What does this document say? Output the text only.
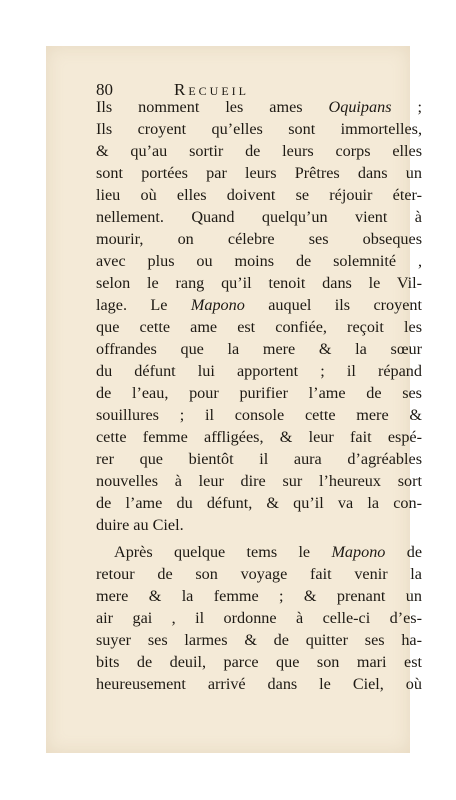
80	Recueil
Ils nomment les ames Oquipans ;
Ils croyent qu’elles sont immortelles,
& qu’au sortir de leurs corps elles
sont portées par leurs Prêtres dans un
lieu où elles doivent se réjouir éter-
nellement. Quand quelqu’un vient à
mourir, on célebre ses obseques
avec plus ou moins de solemnité ,
selon le rang qu’il tenoit dans le Vil-
lage. Le Mapono auquel ils croyent
que cette ame est confiée, reçoit les
offrandes que la mere & la sœur
du défunt lui apportent ; il répand
de l’eau, pour purifier l’ame de ses
souillures ; il console cette mere &
cette femme affligées, & leur fait espé-
rer que bientôt il aura d’agréables
nouvelles à leur dire sur l’heureux sort
de l’ame du défunt, & qu’il va la con-
duire au Ciel.
Après quelque tems le Mapono de
retour de son voyage fait venir la
mere & la femme ; & prenant un
air gai , il ordonne à celle-ci d’es-
suyer ses larmes & de quitter ses ha-
bits de deuil, parce que son mari est
heureusement arrivé dans le Ciel, où
